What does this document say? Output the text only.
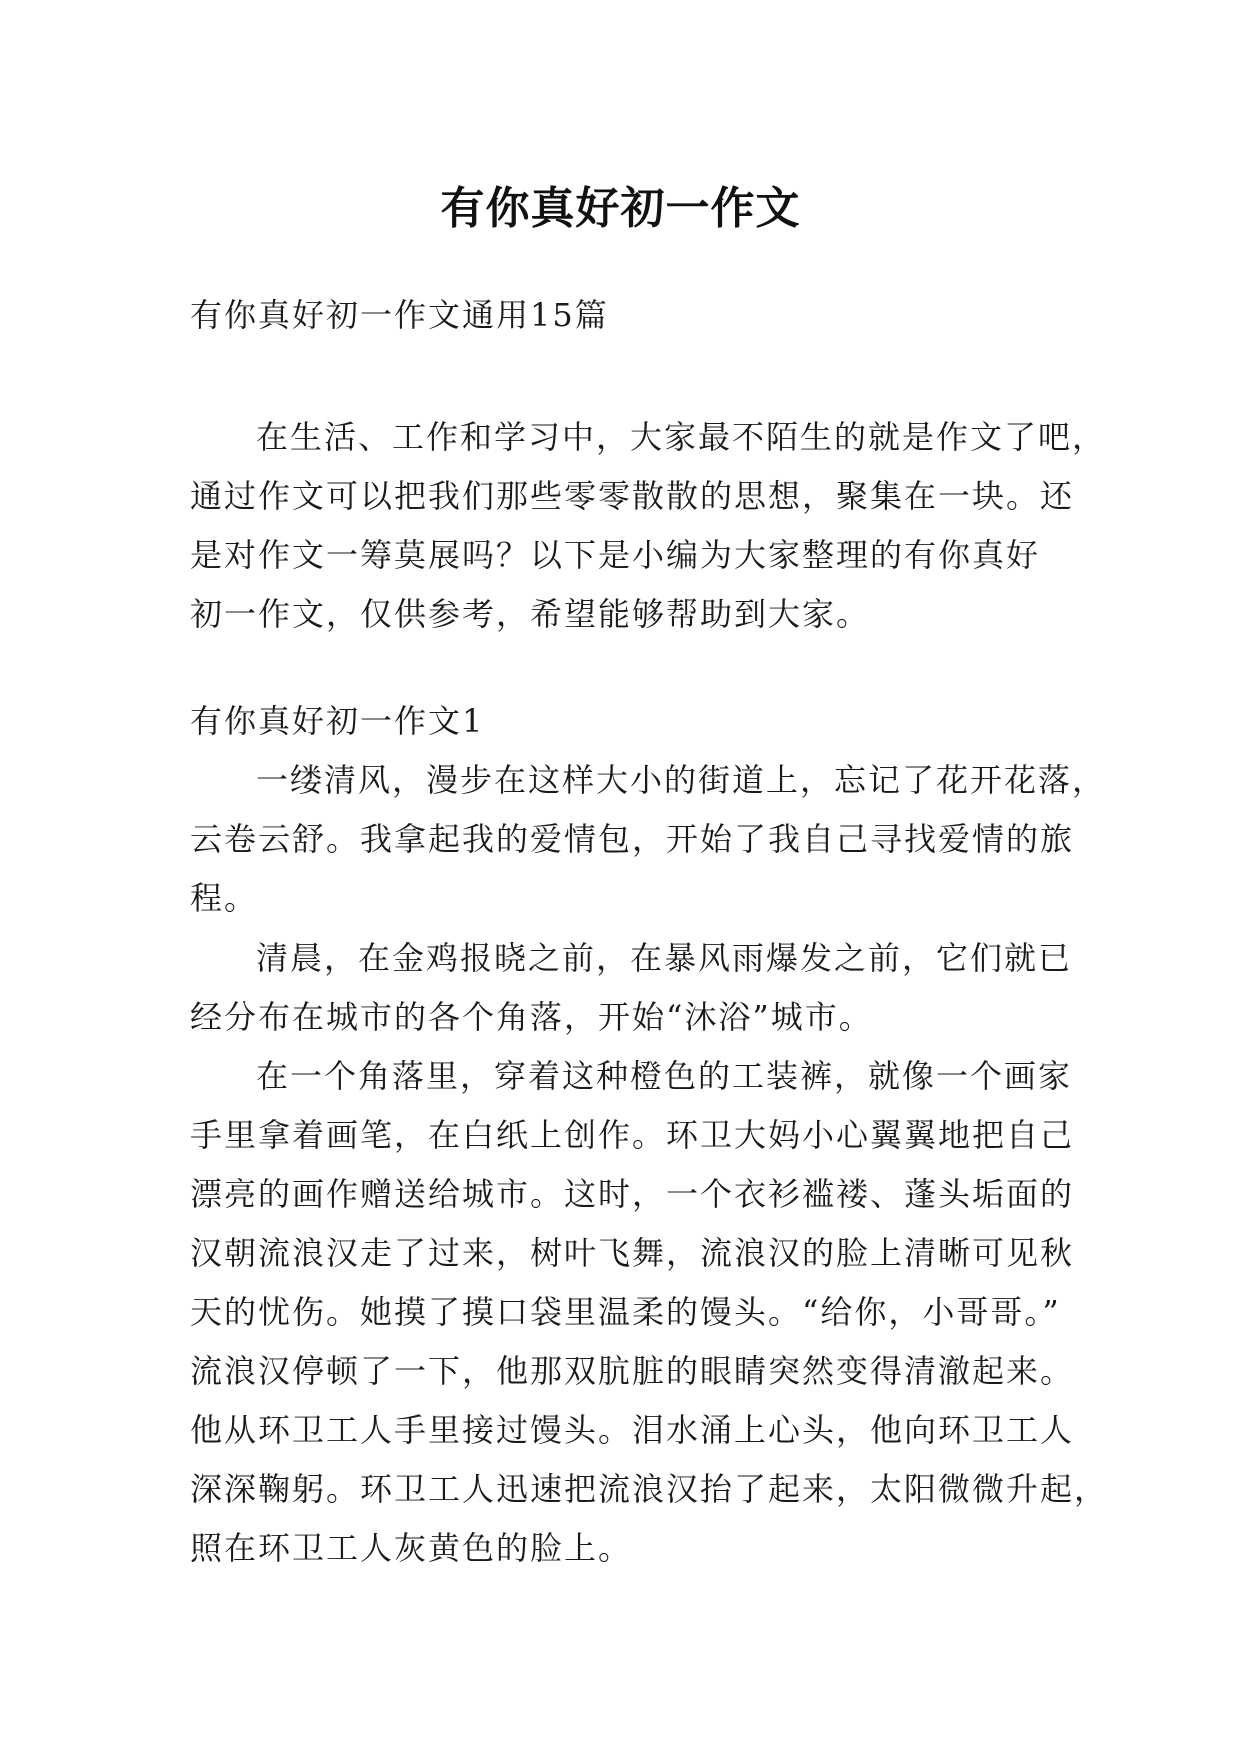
有你真好初一作文

有你真好初一作文通用15篇

在生活、工作和学习中，大家最不陌生的就是作文了吧，
通过作文可以把我们那些零零散散的思想，聚集在一块。还
是对作文一筹莫展吗？以下是小编为大家整理的有你真好
初一作文，仅供参考，希望能够帮助到大家。

有你真好初一作文1

一缕清风，漫步在这样大小的街道上，忘记了花开花落，
云卷云舒。我拿起我的爱情包，开始了我自己寻找爱情的旅
程。
清晨，在金鸡报晓之前，在暴风雨爆发之前，它们就已
经分布在城市的各个角落，开始“沐浴”城市。
在一个角落里，穿着这种橙色的工装裤，就像一个画家
手里拿着画笔，在白纸上创作。环卫大妈小心翼翼地把自己
漂亮的画作赠送给城市。这时，一个衣衫褴褛、蓬头垢面的
汉朝流浪汉走了过来，树叶飞舞，流浪汉的脸上清晰可见秋
天的忧伤。她摸了摸口袋里温柔的馒头。“给你，小哥哥。”
流浪汉停顿了一下，他那双肮脏的眼睛突然变得清澈起来。
他从环卫工人手里接过馒头。泪水涌上心头，他向环卫工人
深深鞠躬。环卫工人迅速把流浪汉抬了起来，太阳微微升起，
照在环卫工人灰黄色的脸上。
